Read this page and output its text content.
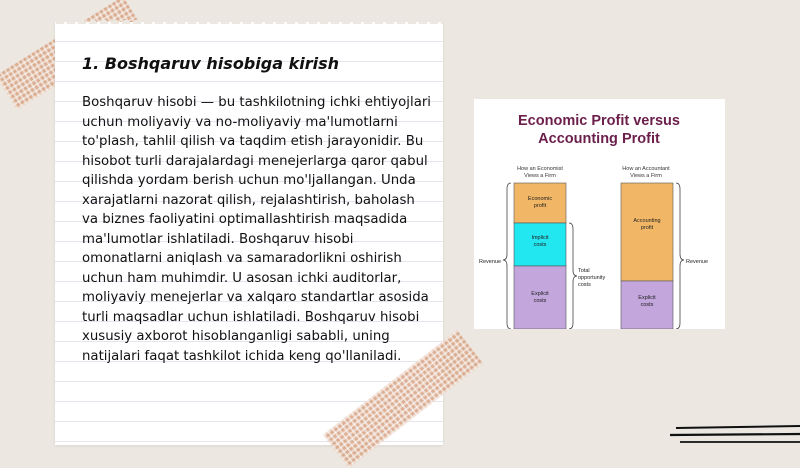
1. Boshqaruv hisobiga kirish

Boshqaruv hisobi — bu tashkilotning ichki ehtiyojlari uchun moliyaviy va no-moliyaviy ma'lumotlarni to'plash, tahlil qilish va taqdim etish jarayonidir. Bu hisobot turli darajalardagi menejerlarga qaror qabul qilishda yordam berish uchun mo'ljallangan. Unda xarajatlarni nazorat qilish, rejalashtirish, baholash va biznes faoliyatini optimallashtirish maqsadida ma'lumotlar ishlatiladi. Boshqaruv hisobi omonatlarni aniqlash va samaradorlikni oshirish uchun ham muhimdir. U asosan ichki auditorlar, moliyaviy menejerlar va xalqaro standartlar asosida turli maqsadlar uchun ishlatiladi. Boshqaruv hisobi xususiy axborot hisoblanganligi sababli, uning natijalari faqat tashkilot ichida keng qo'llaniladi.

Economic Profit versus
Accounting Profit
How an Economist
Views a Firm
How an Accountant
Views a Firm
Economic
profit
Implicit
costs
Explicit
costs
Accounting
profit
Explicit
costs
Revenue
Total
opportunity
costs
Revenue
